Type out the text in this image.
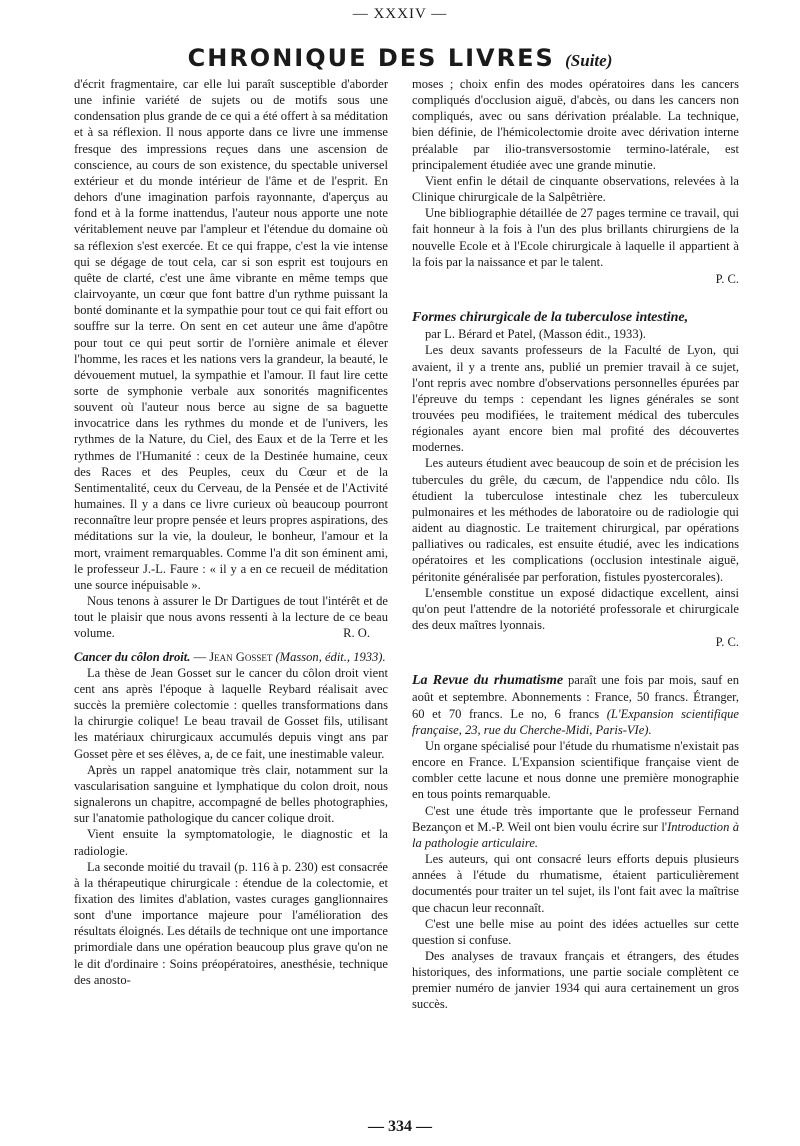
— XXXIV —
CHRONIQUE DES LIVRES (Suite)

d'écrit fragmentaire, car elle lui paraît susceptible d'aborder une infinie variété de sujets ou de motifs sous une condensation plus grande de ce qui a été offert à sa méditation et à sa réflexion. Il nous apporte dans ce livre une immense fresque des impressions reçues dans une ascension de conscience, au cours de son existence, du spectable universel extérieur et du monde intérieur de l'âme et de l'esprit. En dehors d'une imagination parfois rayonnante, d'aperçus au fond et à la forme inattendus, l'auteur nous apporte une note véritablement neuve par l'ampleur et l'étendue du domaine où sa réflexion s'est exercée. Et ce qui frappe, c'est la vie intense qui se dégage de tout cela, car si son esprit est toujours en quête de clarté, c'est une âme vibrante en même temps que clairvoyante, un cœur que font battre d'un rythme puissant la bonté dominante et la sympathie pour tout ce qui fait effort ou souffre sur la terre. On sent en cet auteur une âme d'apôtre pour tout ce qui peut sortir de l'ornière animale et élever l'homme, les races et les nations vers la grandeur, la beauté, le dévouement mutuel, la sympathie et l'amour. Il faut lire cette sorte de symphonie verbale aux sonorités magnificentes souvent où l'auteur nous berce au signe de sa baguette invocatrice dans les rythmes du monde et de l'univers, les rythmes de la Nature, du Ciel, des Eaux et de la Terre et les rythmes de l'Humanité : ceux de la Destinée humaine, ceux des Races et des Peuples, ceux du Cœur et de la Sentimentalité, ceux du Cerveau, de la Pensée et de l'Activité humaines. Il y a dans ce livre curieux où beaucoup pourront reconnaître leur propre pensée et leurs propres aspirations, des méditations sur la vie, la douleur, le bonheur, l'amour et la mort, vraiment remarquables. Comme l'a dit son éminent ami, le professeur J.-L. Faure : « il y a en ce recueil de méditation une source inépuisable ».

Nous tenons à assurer le Dr Dartigues de tout l'intérêt et de tout le plaisir que nous avons ressenti à la lecture de ce beau volume.	R. O.

Cancer du côlon droit. — Jean Gosset (Masson, édit., 1933).

La thèse de Jean Gosset sur le cancer du côlon droit vient cent ans après l'époque à laquelle Reybard réalisait avec succès la première colectomie : quelles transformations dans la chirurgie colique! Le beau travail de Gosset fils, utilisant les matériaux chirurgicaux accumulés depuis vingt ans par Gosset père et ses élèves, a, de ce fait, une inestimable valeur.

Après un rappel anatomique très clair, notamment sur la vascularisation sanguine et lymphatique du colon droit, nous signalerons un chapitre, accompagné de belles photographies, sur l'anatomie pathologique du cancer colique droit.

Vient ensuite la symptomatologie, le diagnostic et la radiologie.

La seconde moitié du travail (p. 116 à p. 230) est consacrée à la thérapeutique chirurgicale : étendue de la colectomie, et fixation des limites d'ablation, vastes curages ganglionnaires sont d'une importance majeure pour l'amélioration des résultats éloignés. Les détails de technique ont une importance primordiale dans une opération beaucoup plus grave qu'on ne le dit d'ordinaire : Soins préopératoires, anesthésie, technique des anosto-

moses ; choix enfin des modes opératoires dans les cancers compliqués d'occlusion aiguë, d'abcès, ou dans les cancers non compliqués, avec ou sans dérivation préalable. La technique, bien définie, de l'hémicolectomie droite avec dérivation interne préalable par ilio-transversostomie termino-latérale, est principalement étudiée avec une grande minutie.

Vient enfin le détail de cinquante observations, relevées à la Clinique chirurgicale de la Salpêtrière.

Une bibliographie détaillée de 27 pages termine ce travail, qui fait honneur à la fois à l'un des plus brillants chirurgiens de la nouvelle Ecole et à l'Ecole chirurgicale à laquelle il appartient à la fois par la naissance et par le talent.

P. C.

Formes chirurgicale de la tuberculose intestine,

par L. Bérard et Patel, (Masson édit., 1933).

Les deux savants professeurs de la Faculté de Lyon, qui avaient, il y a trente ans, publié un premier travail à ce sujet, l'ont repris avec nombre d'observations personnelles épurées par l'épreuve du temps : cependant les lignes générales se sont trouvées peu modifiées, le traitement médical des tubercules régionales ayant encore bien mal profité des découvertes modernes.

Les auteurs étudient avec beaucoup de soin et de précision les tubercules du grêle, du cæcum, de l'appendice ndu côlo. Ils étudient la tuberculose intestinale chez les tuberculeux pulmonaires et les méthodes de laboratoire ou de radiologie qui aident au diagnostic. Le traitement chirurgical, par opérations palliatives ou radicales, est ensuite étudié, avec les indications opératoires et les complications (occlusion intestinale aiguë, péritonite généralisée par perforation, fistules pyostercorales).

L'ensemble constitue un exposé didactique excellent, ainsi qu'on peut l'attendre de la notoriété professorale et chirurgicale des deux maîtres lyonnais.

P. C.

La Revue du rhumatisme paraît une fois par mois, sauf en août et septembre. Abonnements : France, 50 francs. Étranger, 60 et 70 francs. Le no, 6 francs (L'Expansion scientifique française, 23, rue du Cherche-Midi, Paris-VIe).

Un organe spécialisé pour l'étude du rhumatisme n'existait pas encore en France. L'Expansion scientifique française vient de combler cette lacune et nous donne une première monographie en tous points remarquable.

C'est une étude très importante que le professeur Fernand Bezançon et M.-P. Weil ont bien voulu écrire sur l'Introduction à la pathologie articulaire.

Les auteurs, qui ont consacré leurs efforts depuis plusieurs années à l'étude du rhumatisme, étaient particulièrement documentés pour traiter un tel sujet, ils l'ont fait avec la maîtrise que chacun leur reconnaît.

C'est une belle mise au point des idées actuelles sur cette question si confuse.

Des analyses de travaux français et étrangers, des études historiques, des informations, une partie sociale complètent ce premier numéro de janvier 1934 qui aura certainement un gros succès.

— 334 —
